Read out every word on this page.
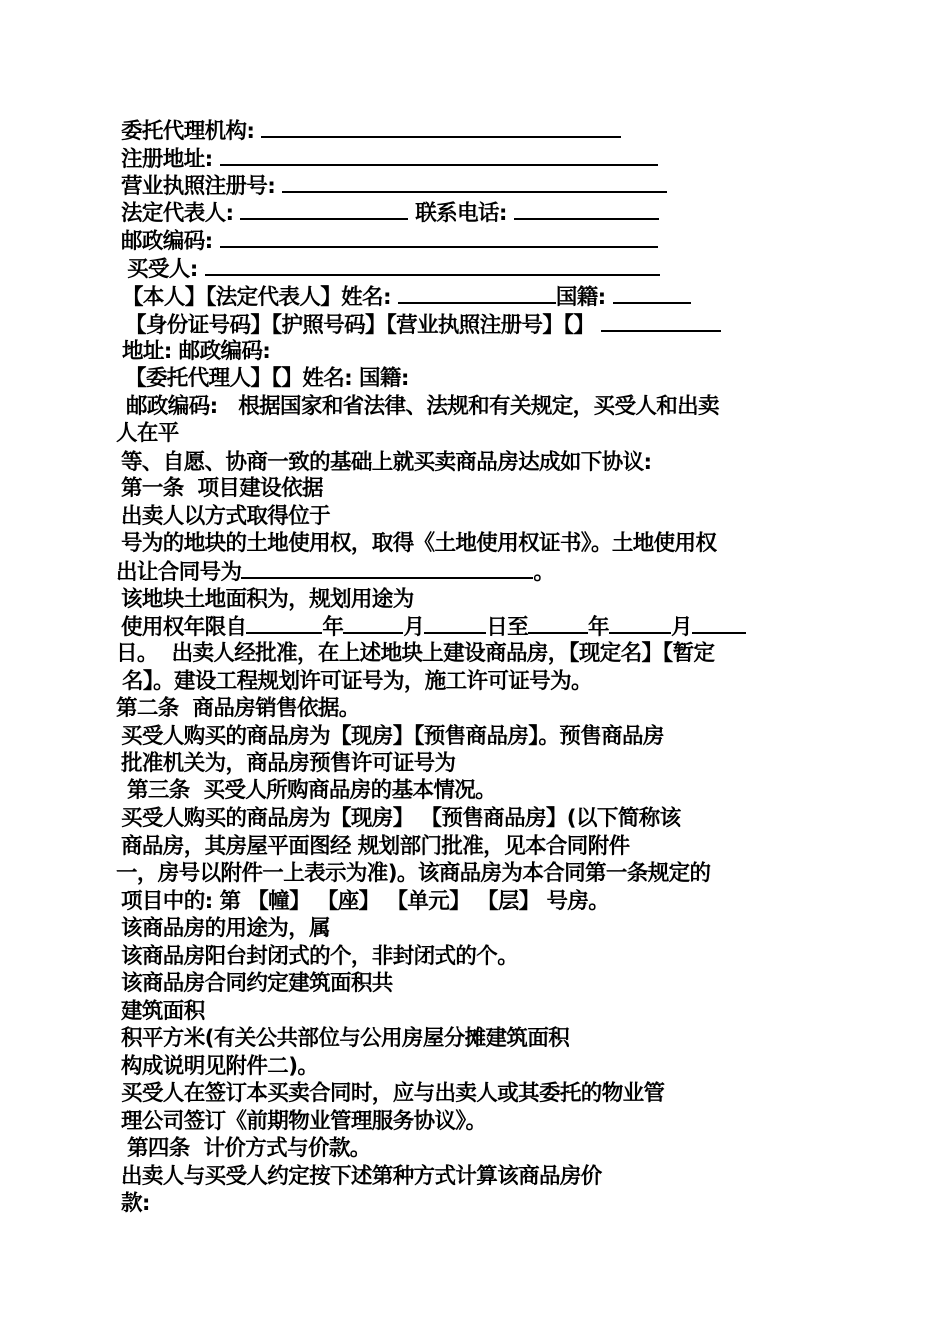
委托代理机构:
注册地址:
营业执照注册号:
法定代表人:	联系电话:
邮政编码:
买受人:
【本人】【法定代表人】姓名:	国籍:
【身份证号码】【护照号码】【营业执照注册号】【】
地址: 邮政编码:
【委托代理人】【】姓名: 国籍:
邮政编码:   根据国家和省法律、法规和有关规定，买受人和出卖
人在平
等、自愿、协商一致的基础上就买卖商品房达成如下协议:
第一条  项目建设依据
出卖人以方式取得位于
号为的地块的土地使用权，取得《土地使用权证书》。土地使用权
出让合同号为	。
该地块土地面积为，规划用途为
使用权年限自	年	月	日至	年	月
日。  出卖人经批准，在上述地块上建设商品房，【现定名】【暂定
名】。建设工程规划许可证号为，施工许可证号为。
第二条  商品房销售依据。
买受人购买的商品房为【现房】【预售商品房】。预售商品房
批准机关为，商品房预售许可证号为
第三条  买受人所购商品房的基本情况。
买受人购买的商品房为【现房】 【预售商品房】(以下简称该
商品房，其房屋平面图经 规划部门批准，见本合同附件
一，房号以附件一上表示为准)。该商品房为本合同第一条规定的
项目中的: 第 【幢】 【座】 【单元】 【层】 号房。
该商品房的用途为，属
该商品房阳台封闭式的个，非封闭式的个。
该商品房合同约定建筑面积共
建筑面积
积平方米(有关公共部位与公用房屋分摊建筑面积
构成说明见附件二)。
买受人在签订本买卖合同时，应与出卖人或其委托的物业管
理公司签订《前期物业管理服务协议》。
第四条  计价方式与价款。
出卖人与买受人约定按下述第种方式计算该商品房价
款:
